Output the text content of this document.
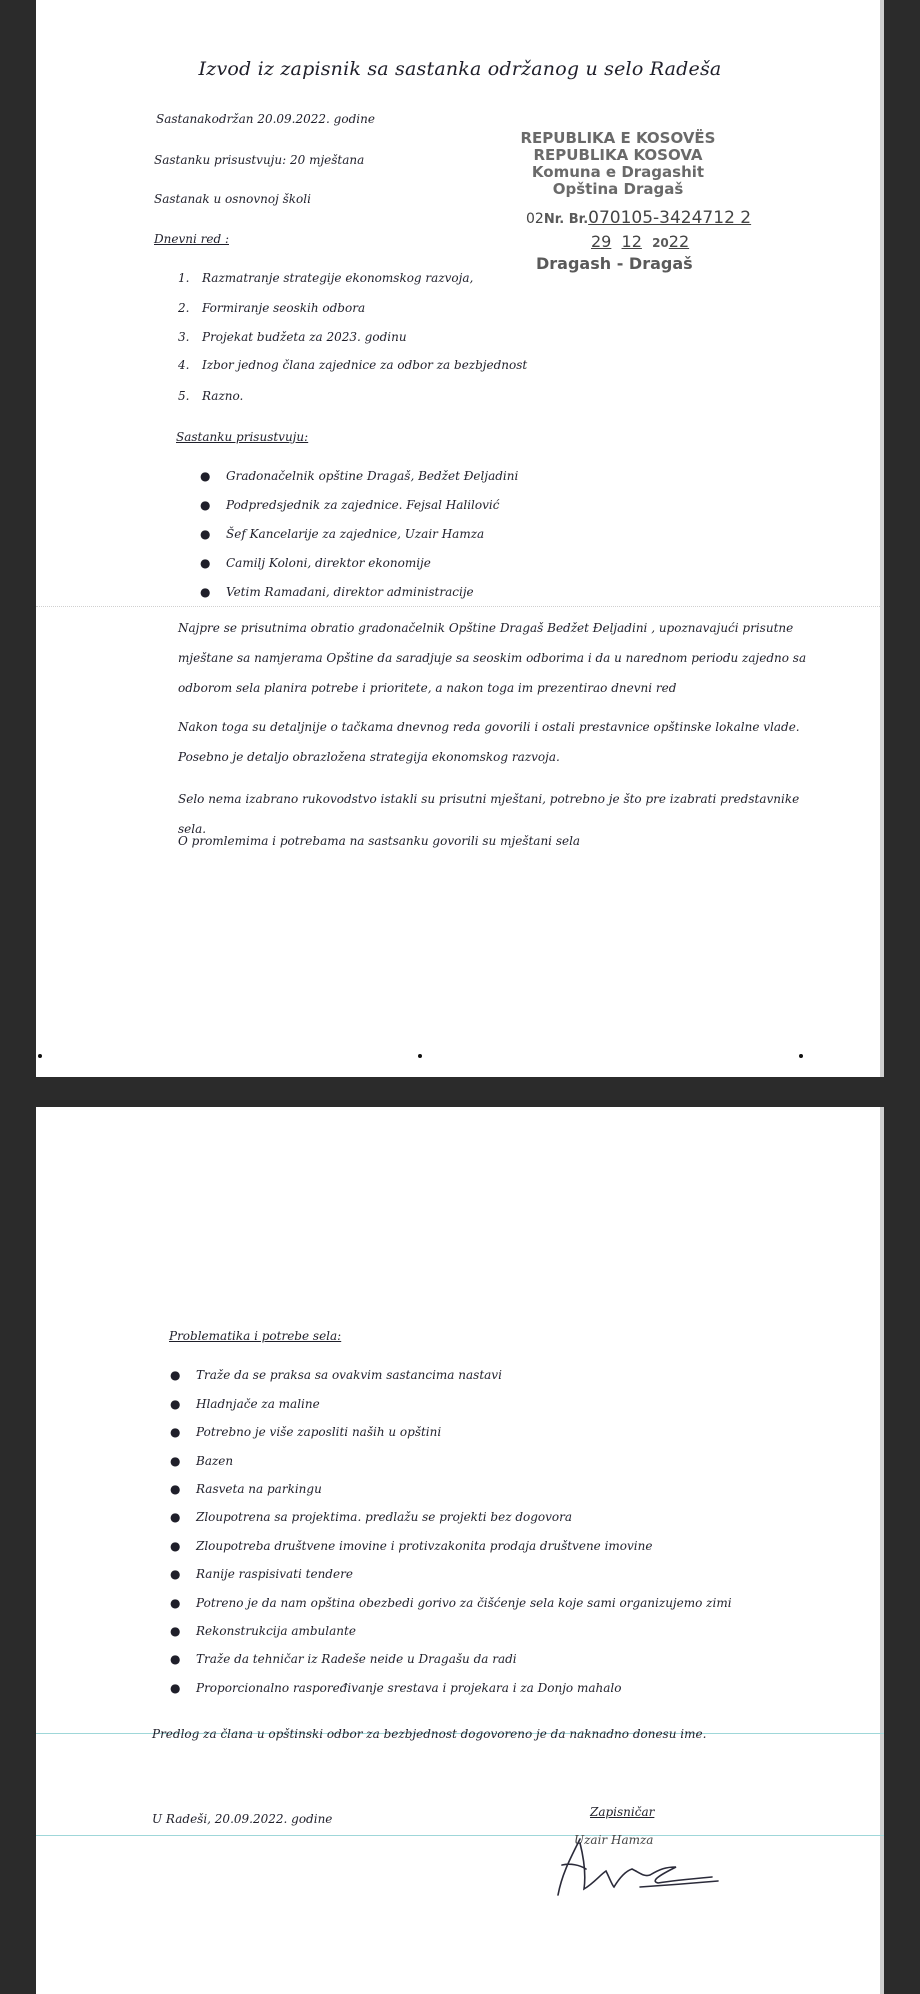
Izvod iz zapisnik sa sastanka održanog u selo Radeša
Sastanakodržan 20.09.2022. godine
Sastanku prisustvuju: 20 mještana
Sastanak u osnovnoj školi
Dnevni red :
1. Razmatranje strategije ekonomskog razvoja,
2. Formiranje seoskih odbora
3. Projekat budžeta za 2023. godinu
4. Izbor jednog člana zajednice za odbor za bezbjednost
5. Razno.
Sastanku prisustvuju:
● Gradonačelnik opštine Dragaš, Bedžet Đeljadini
● Podpredsjednik za zajednice. Fejsal Halilović
● Šef Kancelarije za zajednice, Uzair Hamza
● Camilj Koloni, direktor ekonomije
● Vetim Ramadani, direktor administracije
REPUBLIKA E KOSOVËS
REPUBLIKA KOSOVA
Komuna e Dragashit
Opština Dragaš
02Nr. Br.070105-3424712 2
29 12 2022
Dragash - Dragaš
Najpre se prisutnima obratio gradonačelnik Opštine Dragaš Bedžet Đeljadini , upoznavajući prisutne mještane sa namjerama Opštine da saradjuje sa seoskim odborima i da u narednom periodu zajedno sa odborom sela planira potrebe i prioritete, a nakon toga im prezentirao dnevni red
Nakon toga su detaljnije o tačkama dnevnog reda govorili i ostali prestavnice opštinske lokalne vlade. Posebno je detaljo obrazložena strategija ekonomskog razvoja.
Selo nema izabrano rukovodstvo istakli su prisutni mještani, potrebno je što pre izabrati predstavnike sela.
O promlemima i potrebama na sastsanku govorili su mještani sela
Problematika i potrebe sela:
● Traže da se praksa sa ovakvim sastancima nastavi
● Hladnjače za maline
● Potrebno je više zaposliti naših u opštini
● Bazen
● Rasveta na parkingu
● Zloupotrena sa projektima. predlažu se projekti bez dogovora
● Zloupotreba društvene imovine i protivzakonita prodaja društvene imovine
● Ranije raspisivati tendere
● Potreno je da nam opština obezbedi gorivo za čišćenje sela koje sami organizujemo zimi
● Rekonstrukcija ambulante
● Traže da tehničar iz Radeše neide u Dragašu da radi
● Proporcionalno raspoređivanje srestava i projekara i za Donjo mahalo
Predlog za člana u opštinski odbor za bezbjednost dogovoreno je da naknadno donesu ime.
U Radeši, 20.09.2022. godine	Zapisničar
Uzair Hamza
